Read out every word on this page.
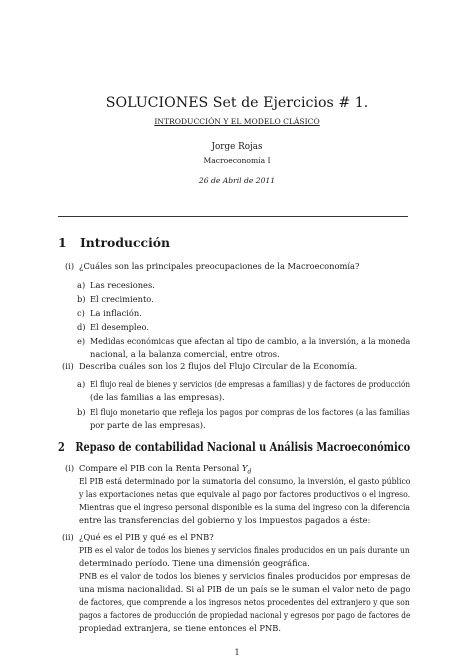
SOLUCIONES Set de Ejercicios # 1.
INTRODUCCIÓN Y EL MODELO CLÁSICO
Jorge Rojas
Macroeconomía I
26 de Abril de 2011
1 Introducción
(i) ¿Cuáles son las principales preocupaciones de la Macroeconomía?
a) Las recesiones.
b) El crecimiento.
c) La inflación.
d) El desempleo.
e) Medidas económicas que afectan al tipo de cambio, a la inversión, a la moneda
nacional, a la balanza comercial, entre otros.
(ii) Describa cuáles son los 2 flujos del Flujo Circular de la Economía.
a) El flujo real de bienes y servicios (de empresas a familias) y de factores de producción
(de las familias a las empresas).
b) El flujo monetario que refleja los pagos por compras de los factores (a las familias
por parte de las empresas).
2 Repaso de contabilidad Nacional u Análisis Macroeconómico
(i) Compare el PIB con la Renta Personal $Y_d$
El PIB está determinado por la sumatoria del consumo, la inversión, el gasto público
y las exportaciones netas que equivale al pago por factores productivos o el ingreso.
Mientras que el ingreso personal disponible es la suma del ingreso con la diferencia
entre las transferencias del gobierno y los impuestos pagados a éste:
(ii) ¿Qué es el PIB y qué es el PNB?
PIB es el valor de todos los bienes y servicios finales producidos en un país durante un
determinado período. Tiene una dimensión geográfica.
PNB es el valor de todos los bienes y servicios finales producidos por empresas de
una misma nacionalidad. Si al PIB de un país se le suman el valor neto de pago
de factores, que comprende a los ingresos netos procedentes del extranjero y que son
pagos a factores de producción de propiedad nacional y egresos por pago de factores de
propiedad extranjera, se tiene entonces el PNB.
1
